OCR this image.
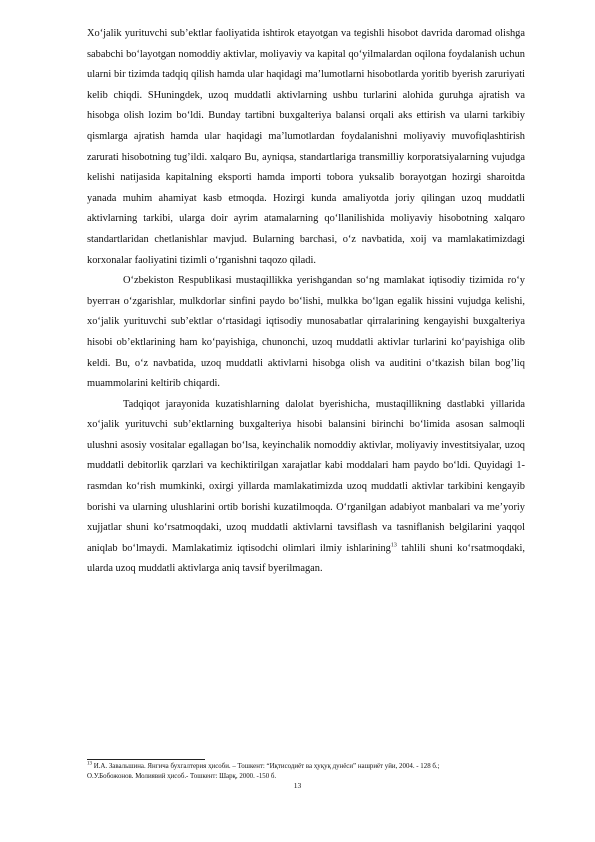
Xo‘jalik yurituvchi sub’ektlar faoliyatida ishtirok etayotgan va tegishli hisobot davrida daromad olishga sababchi bo‘layotgan nomoddiy aktivlar, moliyaviy va kapital qo‘yilmalardan oqilona foydalanish uchun ularni bir tizimda tadqiq qilish hamda ular haqidagi ma’lumotlarni hisobotlarda yoritib byerish zaruriyati kelib chiqdi. SHuningdek, uzoq muddatli aktivlarning ushbu turlarini alohida guruhga ajratish va hisobga olish lozim bo‘ldi. Bunday tartibni buxgalteriya balansi orqali aks ettirish va ularni tarkibiy qismlarga ajratish hamda ular haqidagi ma’lumotlardan foydalanishni moliyaviy muvofiqlashtirish zarurati hisobotning tug’ildi. xalqaro Bu, ayniqsa, standartlariga transmilliy korporatsiyalarning vujudga kelishi natijasida kapitalning eksporti hamda importi tobora yuksalib borayotgan hozirgi sharoitda yanada muhim ahamiyat kasb etmoqda. Hozirgi kunda amaliyotda joriy qilingan uzoq muddatli aktivlarning tarkibi, ularga doir ayrim atamalarning qo‘llanilishida moliyaviy hisobotning xalqaro standartlaridan chetlanishlar mavjud. Bularning barchasi, o‘z navbatida, xoij va mamlakatimizdagi korxonalar faoliyatini tizimli o‘rganishni taqozo qiladi.

O‘zbekiston Respublikasi mustaqillikka yerishgandan so‘ng mamlakat iqtisodiy tizimida ro‘y byerган o‘zgarishlar, mulkdorlar sinfini paydo bo‘lishi, mulkka bo‘lgan egalik hissini vujudga kelishi, xo‘jalik yurituvchi sub’ektlar o‘rtasidagi iqtisodiy munosabatlar qirralarining kengayishi buxgalteriya hisobi ob’ektlarining ham ko‘payishiga, chunonchi, uzoq muddatli aktivlar turlarini ko‘payishiga olib keldi. Bu, o‘z navbatida, uzoq muddatli aktivlarni hisobga olish va auditini o‘tkazish bilan bog’liq muammolarini keltirib chiqardi.

Tadqiqot jarayonida kuzatishlarning dalolat byerishicha, mustaqillikning dastlabki yillarida xo‘jalik yurituvchi sub’ektlarning buxgalteriya hisobi balansini birinchi bo‘limida asosan salmoqli ulushni asosiy vositalar egallagan bo‘lsa, keyinchalik nomoddiy aktivlar, moliyaviy investitsiyalar, uzoq muddatli debitorlik qarzlari va kechiktirilgan xarajatlar kabi moddalari ham paydo bo‘ldi. Quyidagi 1-rasmdan ko‘rish mumkinki, oxirgi yillarda mamlakatimizda uzoq muddatli aktivlar tarkibini kengayib borishi va ularning ulushlarini ortib borishi kuzatilmoqda. O‘rganilgan adabiyot manbalari va me’yoriy xujjatlar shuni ko‘rsatmoqdaki, uzoq muddatli aktivlarni tavsiflash va tasniflanish belgilarini yaqqol aniqlab bo‘lmaydi. Mamlakatimiz iqtisodchi olimlari ilmiy ishlarining$^{13}$ tahlili shuni ko‘rsatmoqdaki, ularda uzoq muddatli aktivlarga aniq tavsif byerilmagan.

$^{13}$ И.А. Завальшина. Янгича бухгалтерия ҳисоби. – Тошкент: “Иқтисодиёт ва ҳуқуқ дунёси” нашриёт уйи, 2004. - 128 б.;

О.У.Бобожонов. Молиявий ҳисоб.- Тошкент: Шарқ, 2000. -150 б.

13
